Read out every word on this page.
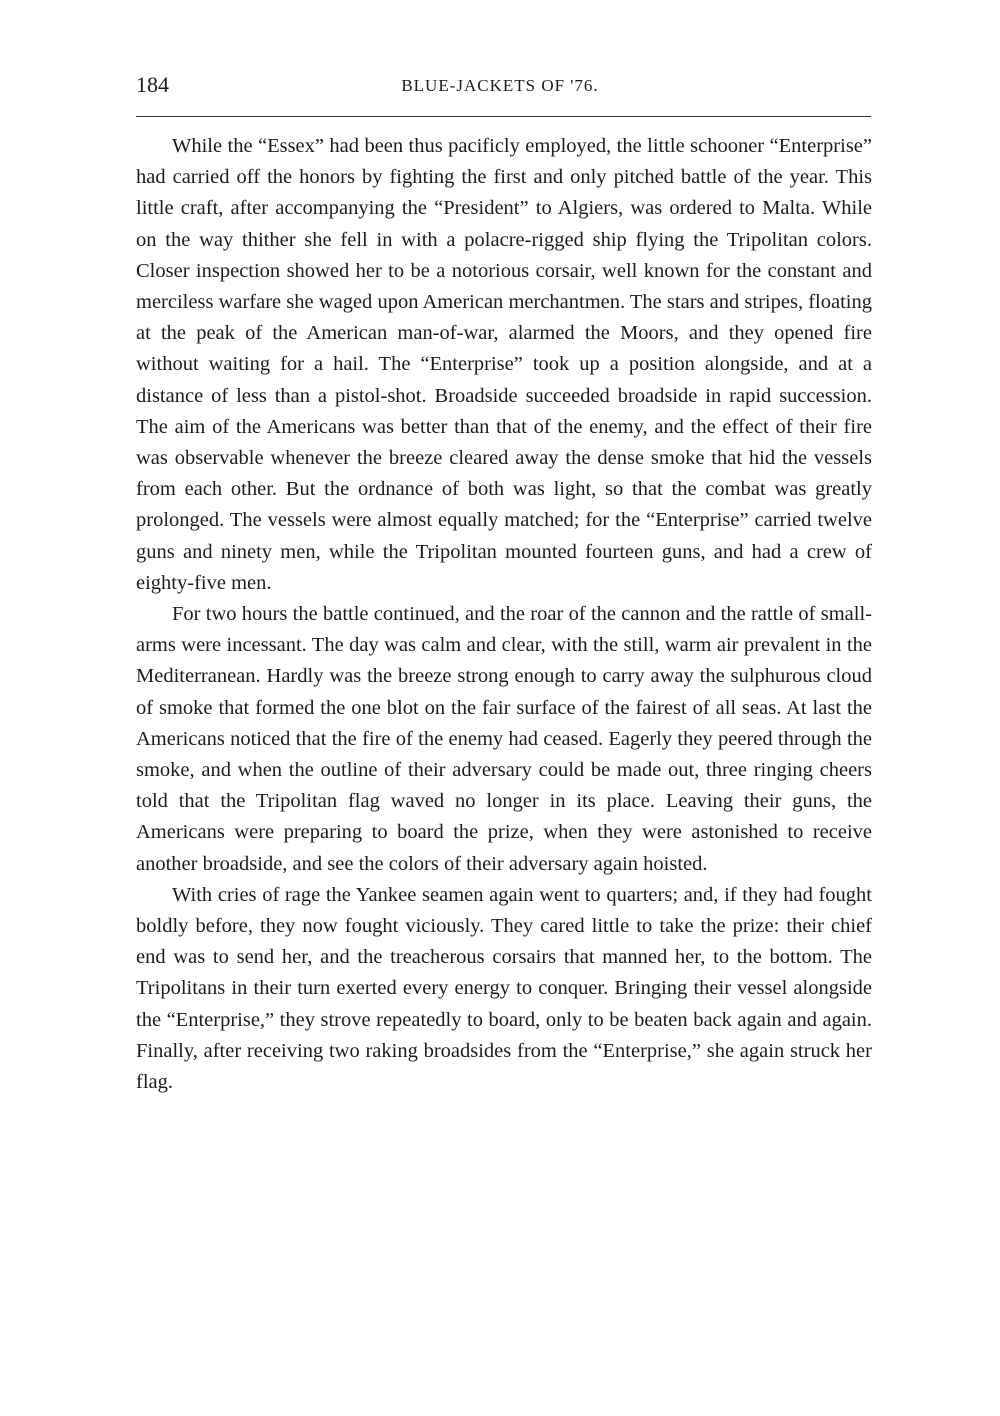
184	BLUE-JACKETS OF '76.

While the “Essex” had been thus pacificly employed, the little schooner “Enterprise” had carried off the honors by fighting the first and only pitched battle of the year. This little craft, after accompanying the “President” to Algiers, was ordered to Malta. While on the way thither she fell in with a polacre-rigged ship flying the Tripolitan colors. Closer inspection showed her to be a notorious corsair, well known for the constant and merciless warfare she waged upon American merchantmen. The stars and stripes, floating at the peak of the American man-of-war, alarmed the Moors, and they opened fire without waiting for a hail. The “Enterprise” took up a position alongside, and at a distance of less than a pistol-shot. Broadside succeeded broadside in rapid succession. The aim of the Americans was better than that of the enemy, and the effect of their fire was observable whenever the breeze cleared away the dense smoke that hid the vessels from each other. But the ordnance of both was light, so that the combat was greatly prolonged. The vessels were almost equally matched; for the “Enterprise” carried twelve guns and ninety men, while the Tripolitan mounted fourteen guns, and had a crew of eighty-five men.

For two hours the battle continued, and the roar of the cannon and the rattle of small-arms were incessant. The day was calm and clear, with the still, warm air prevalent in the Mediterranean. Hardly was the breeze strong enough to carry away the sulphurous cloud of smoke that formed the one blot on the fair surface of the fairest of all seas. At last the Americans noticed that the fire of the enemy had ceased. Eagerly they peered through the smoke, and when the outline of their adversary could be made out, three ringing cheers told that the Tripolitan flag waved no longer in its place. Leaving their guns, the Americans were preparing to board the prize, when they were astonished to receive another broadside, and see the colors of their adversary again hoisted.

With cries of rage the Yankee seamen again went to quarters; and, if they had fought boldly before, they now fought viciously. They cared little to take the prize: their chief end was to send her, and the treacherous corsairs that manned her, to the bottom. The Tripolitans in their turn exerted every energy to conquer. Bringing their vessel alongside the “Enterprise,” they strove repeatedly to board, only to be beaten back again and again. Finally, after receiving two raking broadsides from the “Enterprise,” she again struck her flag.
